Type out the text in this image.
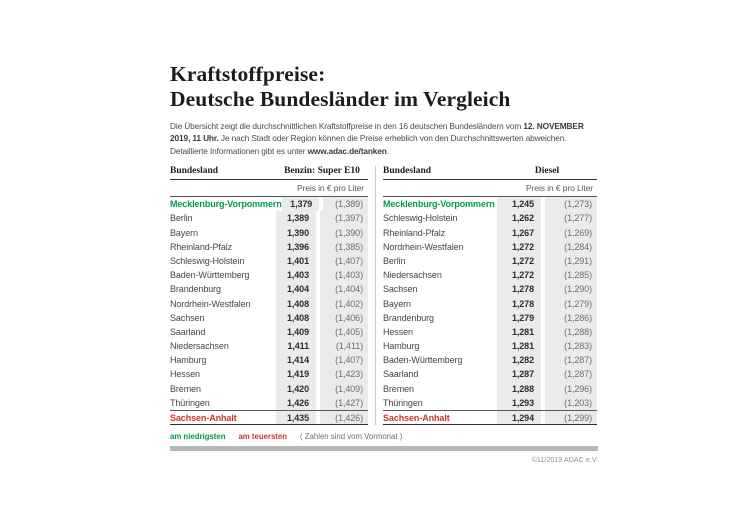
Kraftstoffpreise:
Deutsche Bundesländer im Vergleich

Die Übersicht zeigt die durchschnittlichen Kraftstoffpreise in den 16 deutschen Bundesländern vom 12. NOVEMBER 2019, 11 Uhr. Je nach Stadt oder Region können die Preise erheblich von den Durchschnittswerten abweichen. Detaillierte Informationen gibt es unter www.adac.de/tanken.

Bundesland	Benzin: Super E10
Preis in € pro Liter
Mecklenburg-Vorpommern 1,379	(1,389)
Berlin	1,389	(1,397)
Bayern	1,390	(1,390)
Rheinland-Pfalz	1,396	(1,385)
Schleswig-Holstein	1,401	(1,407)
Baden-Württemberg	1,403	(1,403)
Brandenburg	1,404	(1,404)
Nordrhein-Westfalen	1,408	(1,402)
Sachsen	1,408	(1,406)
Saarland	1,409	(1,405)
Niedersachsen	1,411	(1,411)
Hamburg	1,414	(1,407)
Hessen	1,419	(1,423)
Bremen	1,420	(1,409)
Thüringen	1,426	(1,427)
Sachsen-Anhalt	1,435	(1,426)
Bundesland	Diesel
Preis in € pro Liter
Mecklenburg-Vorpommern	1,245	(1,273)
Schleswig-Holstein	1,262	(1,277)
Rheinland-Pfalz	1,267	(1,269)
Nordrhein-Westfalen	1,272	(1,284)
Berlin	1,272	(1,291)
Niedersachsen	1,272	(1,285)
Sachsen	1,278	(1,290)
Bayern	1,278	(1,279)
Brandenburg	1,279	(1,286)
Hessen	1,281	(1,288)
Hamburg	1,281	(1,283)
Baden-Württemberg	1,282	(1,287)
Saarland	1,287	(1,287)
Bremen	1,288	(1,296)
Thüringen	1,293	(1,203)
Sachsen-Anhalt	1,294	(1,299)
am niedrigsten am teuersten ( Zahlen sind vom Vormonat )
©11/2019 ADAC e.V.
